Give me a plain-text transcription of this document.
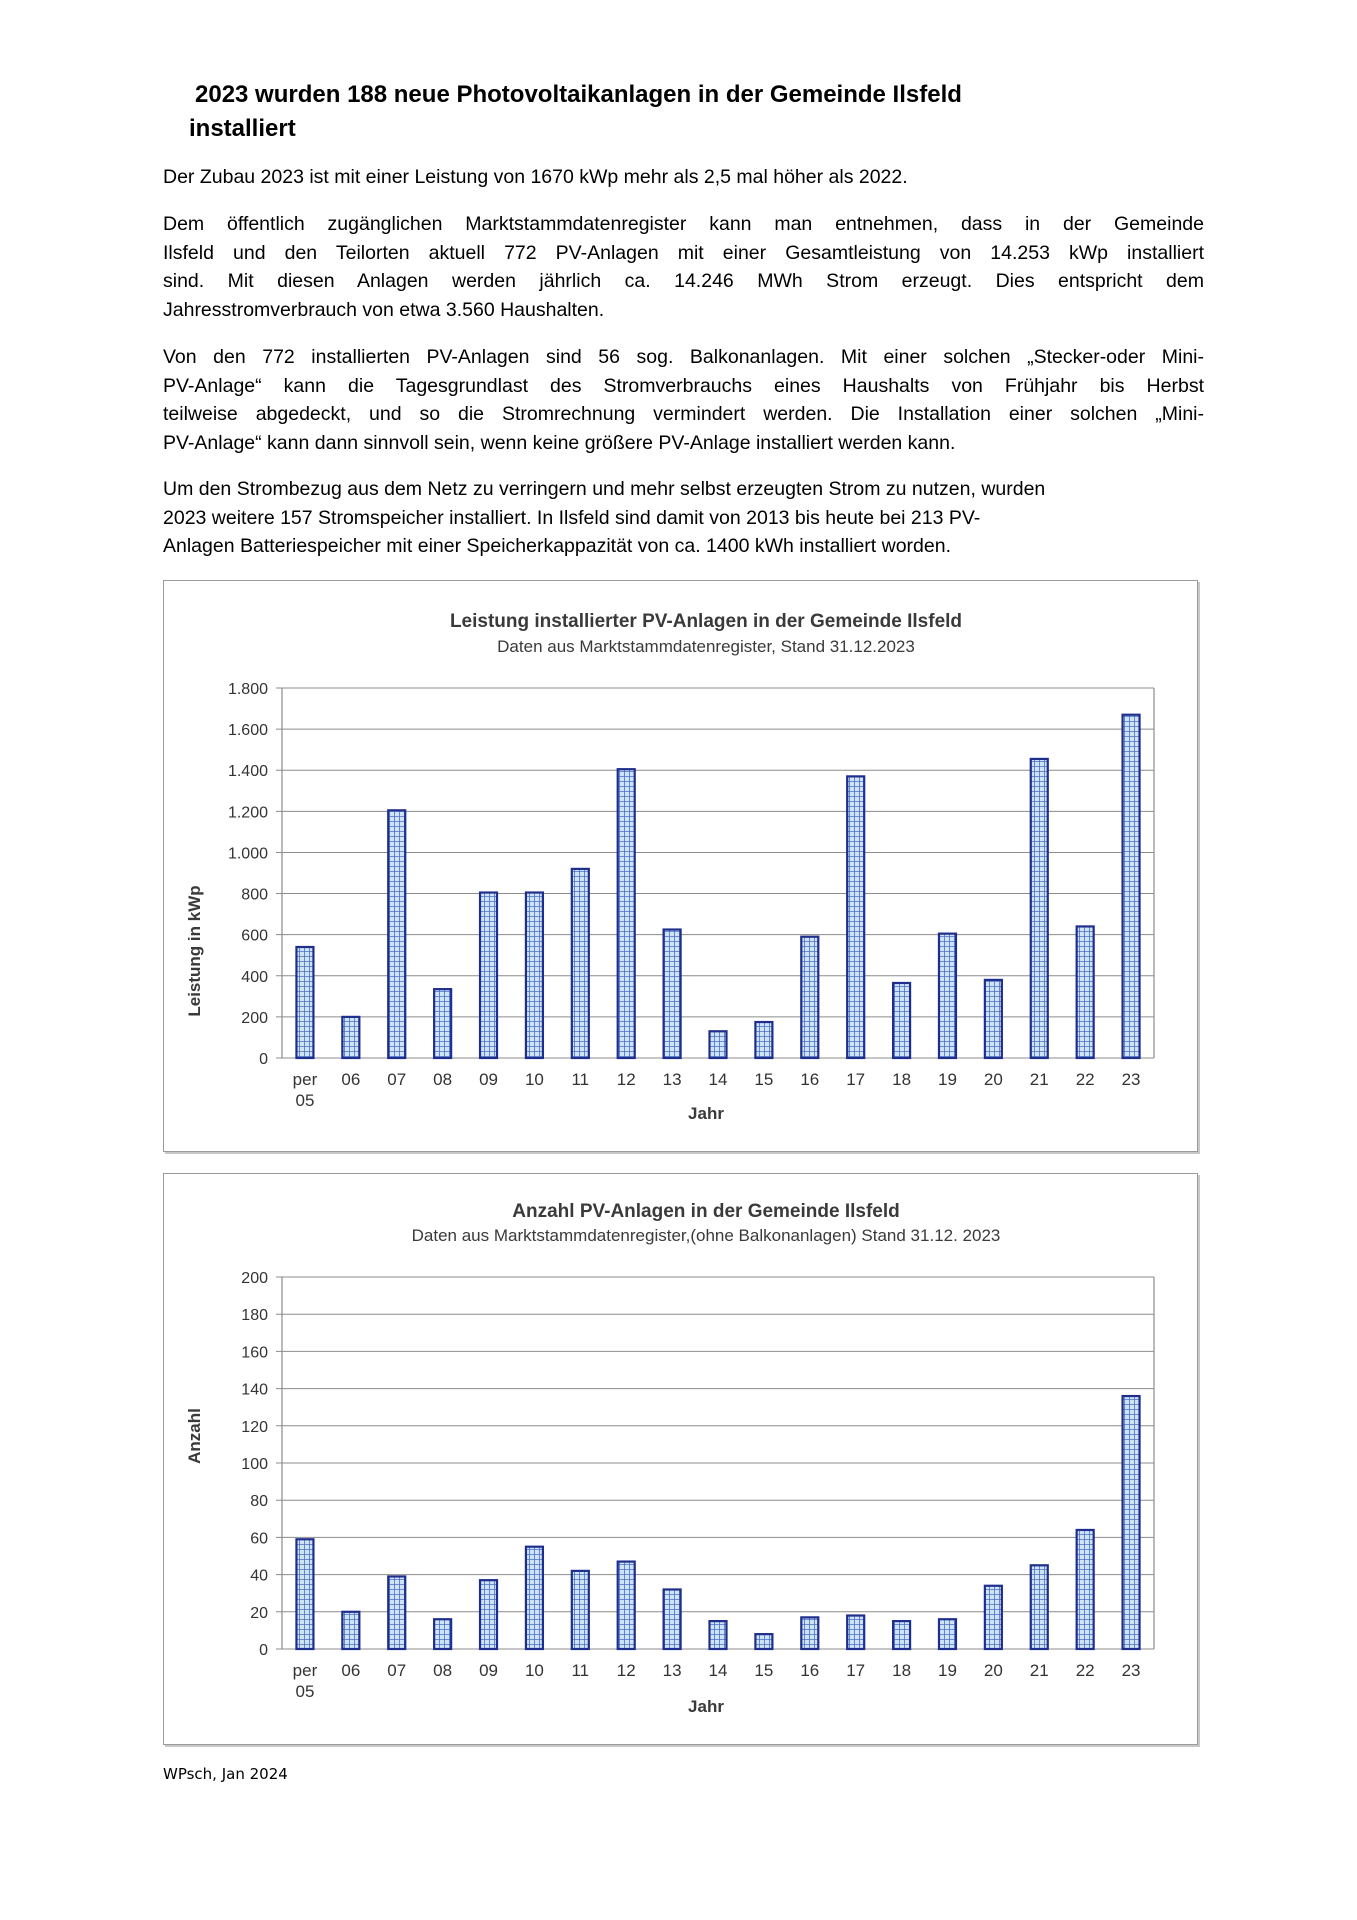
2023 wurden 188 neue Photovoltaikanlagen in der Gemeinde Ilsfeld
installiert

Der Zubau 2023 ist mit einer Leistung von 1670 kWp mehr als 2,5 mal höher als 2022.

Dem öffentlich zugänglichen Marktstammdatenregister kann man entnehmen, dass in der Gemeinde
Ilsfeld und den Teilorten aktuell 772 PV-Anlagen mit einer Gesamtleistung von 14.253 kWp installiert
sind. Mit diesen Anlagen werden jährlich ca. 14.246 MWh Strom erzeugt. Dies entspricht dem
Jahresstromverbrauch von etwa 3.560 Haushalten.

Von den 772 installierten PV-Anlagen sind 56 sog. Balkonanlagen. Mit einer solchen „Stecker-oder Mini-
PV-Anlage“ kann die Tagesgrundlast des Stromverbrauchs eines Haushalts von Frühjahr bis Herbst
teilweise abgedeckt, und so die Stromrechnung vermindert werden. Die Installation einer solchen „Mini-
PV-Anlage“ kann dann sinnvoll sein, wenn keine größere PV-Anlage installiert werden kann.

Um den Strombezug aus dem Netz zu verringern und mehr selbst erzeugten Strom zu nutzen, wurden
2023 weitere 157 Stromspeicher installiert. In Ilsfeld sind damit von 2013 bis heute bei 213 PV-
Anlagen Batteriespeicher mit einer Speicherkappazität von ca. 1400 kWh installiert worden.

Leistung installierter PV-Anlagen in der Gemeinde Ilsfeld
Daten aus Marktstammdatenregister, Stand 31.12.2023
Leistung in kWp
Jahr
0
200
400
600
800
1.000
1.200
1.400
1.600
1.800
per
05
06 07 08 09 10 11 12 13 14 15 16 17 18 19 20 21 22 23
Anzahl PV-Anlagen in der Gemeinde Ilsfeld
Daten aus Marktstammdatenregister,(ohne Balkonanlagen) Stand 31.12. 2023
Anzahl
Jahr
0
20
40
60
80
100
120
140
160
180
200
per
05
06 07 08 09 10 11 12 13 14 15 16 17 18 19 20 21 22 23
WPsch, Jan 2024
